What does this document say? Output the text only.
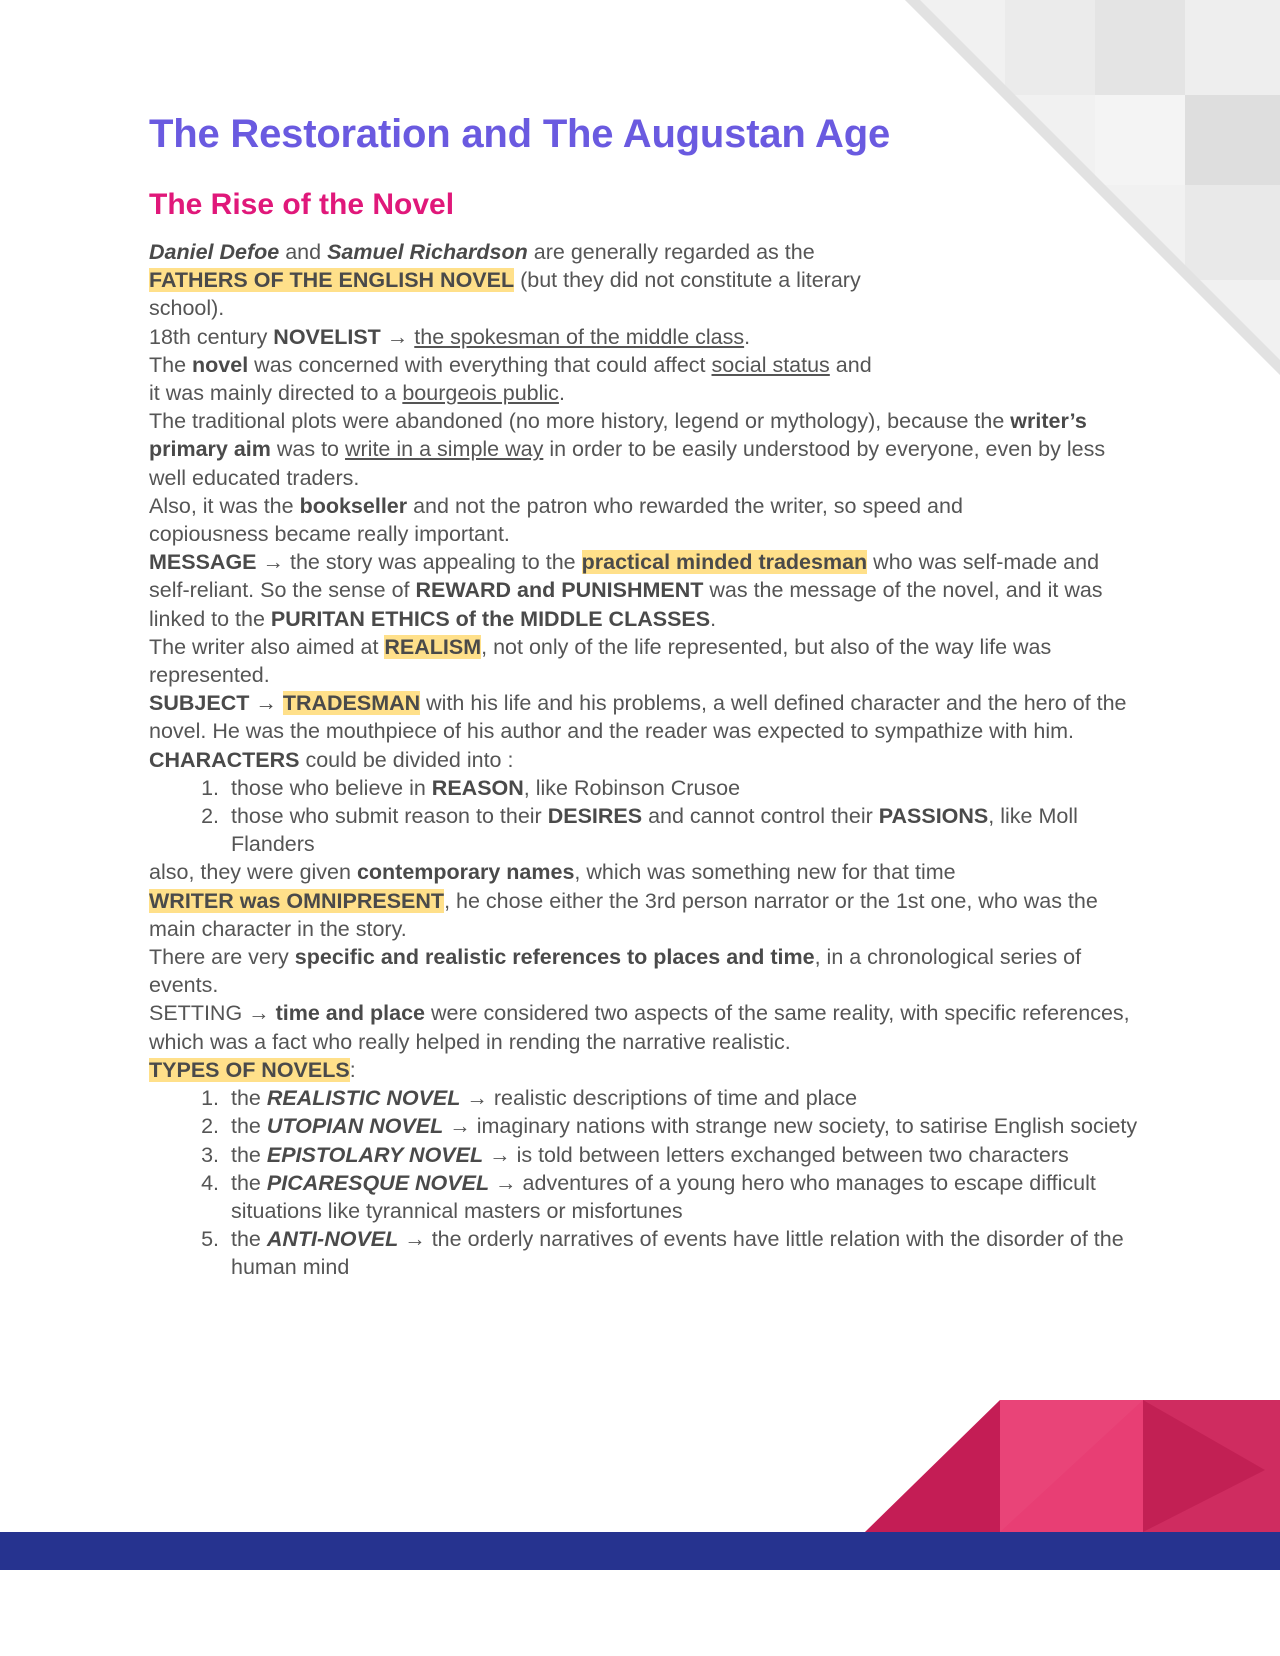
The Restoration and The Augustan Age
The Rise of the Novel

Daniel Defoe and Samuel Richardson are generally regarded as the FATHERS OF THE ENGLISH NOVEL (but they did not constitute a literary school).

18th century NOVELIST → the spokesman of the middle class.

The novel was concerned with everything that could affect social status and it was mainly directed to a bourgeois public.

The traditional plots were abandoned (no more history, legend or mythology), because the writer’s primary aim was to write in a simple way in order to be easily understood by everyone, even by less well educated traders.

Also, it was the bookseller and not the patron who rewarded the writer, so speed and copiousness became really important.

MESSAGE → the story was appealing to the practical minded tradesman who was self-made and self-reliant. So the sense of REWARD and PUNISHMENT was the message of the novel, and it was linked to the PURITAN ETHICS of the MIDDLE CLASSES.

The writer also aimed at REALISM, not only of the life represented, but also of the way life was represented.

SUBJECT → TRADESMAN with his life and his problems, a well defined character and the hero of the novel. He was the mouthpiece of his author and the reader was expected to sympathize with him.

CHARACTERS could be divided into :

1. those who believe in REASON, like Robinson Crusoe
2. those who submit reason to their DESIRES and cannot control their PASSIONS, like Moll Flanders

also, they were given contemporary names, which was something new for that time

WRITER was OMNIPRESENT, he chose either the 3rd person narrator or the 1st one, who was the main character in the story.

There are very specific and realistic references to places and time, in a chronological series of events.

SETTING → time and place were considered two aspects of the same reality, with specific references, which was a fact who really helped in rending the narrative realistic.

TYPES OF NOVELS:

1. the REALISTIC NOVEL → realistic descriptions of time and place
2. the UTOPIAN NOVEL → imaginary nations with strange new society, to satirise English society
3. the EPISTOLARY NOVEL → is told between letters exchanged between two characters
4. the PICARESQUE NOVEL → adventures of a young hero who manages to escape difficult situations like tyrannical masters or misfortunes
5. the ANTI-NOVEL → the orderly narratives of events have little relation with the disorder of the human mind
